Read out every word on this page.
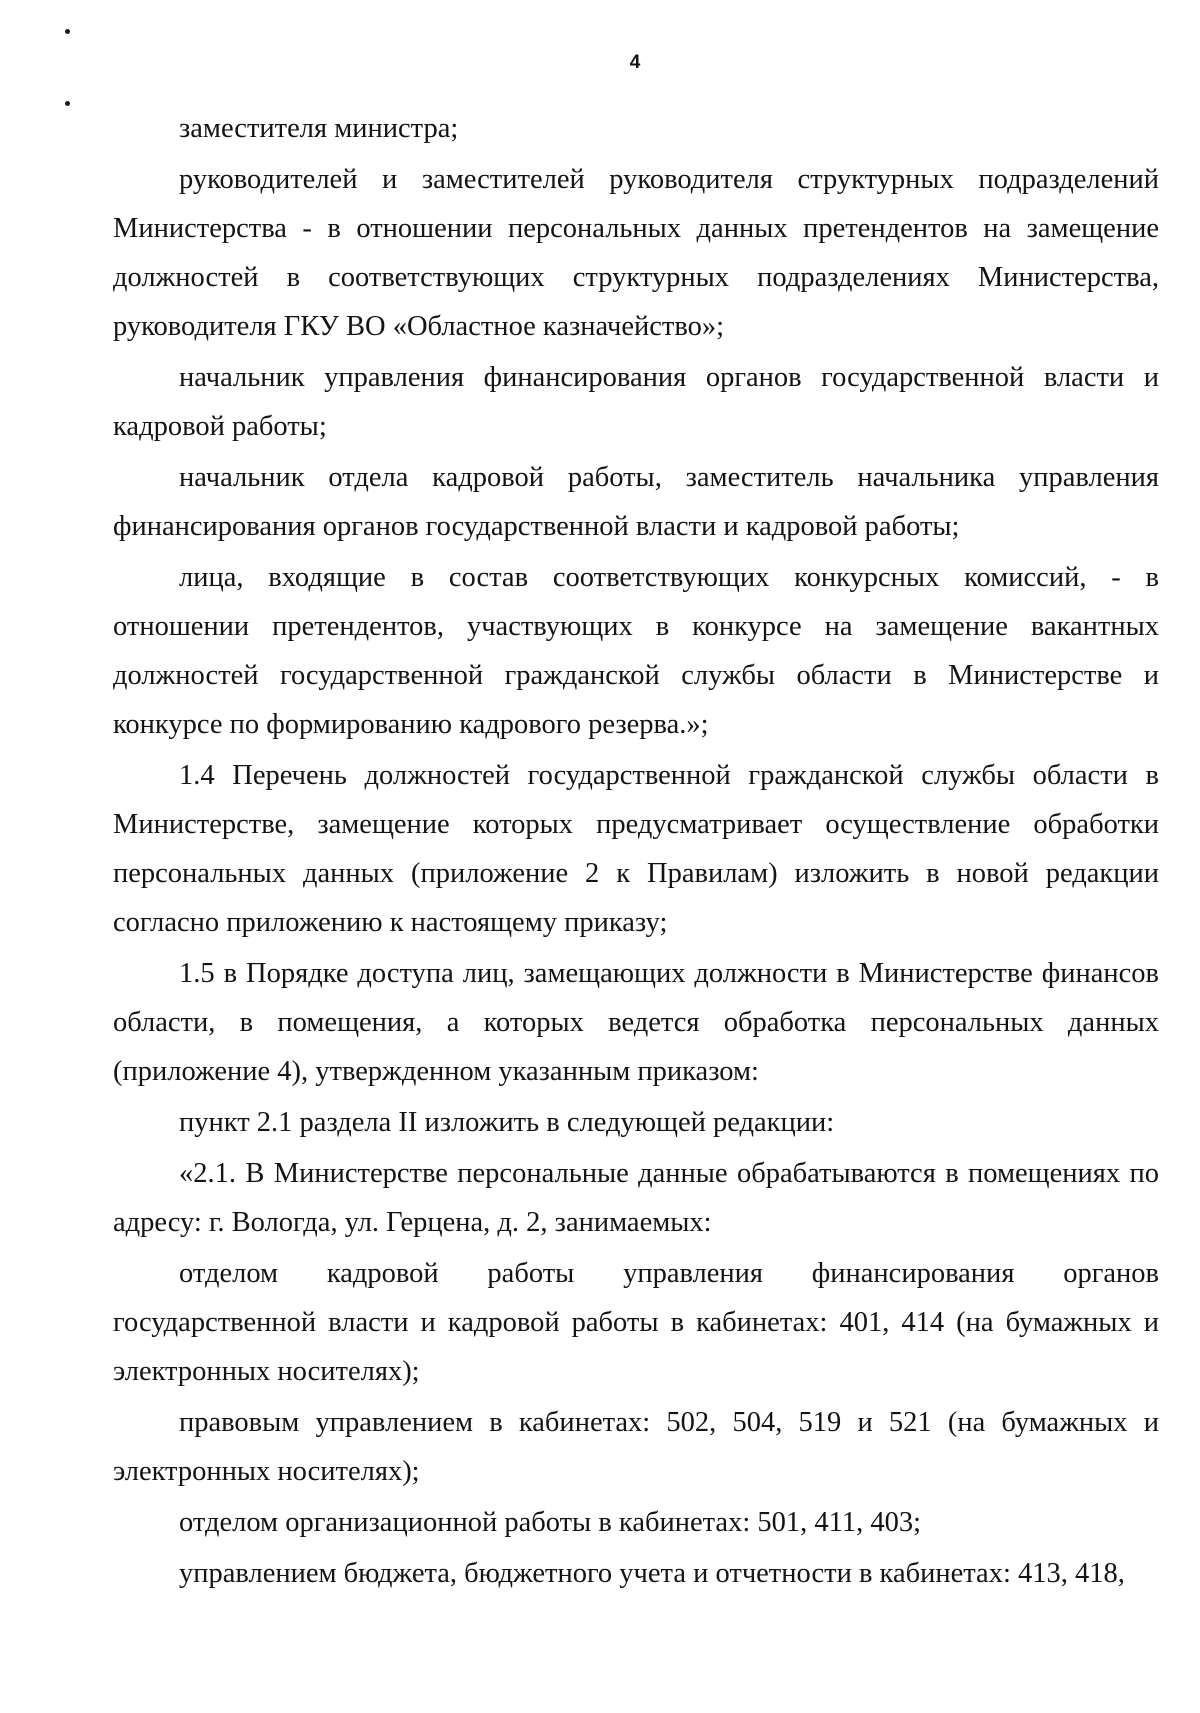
4

заместителя министра;

руководителей и заместителей руководителя структурных подразделений Министерства - в отношении персональных данных претендентов на замещение должностей в соответствующих структурных подразделениях Министерства, руководителя ГКУ ВО «Областное казначейство»;

начальник управления финансирования органов государственной власти и кадровой работы;

начальник отдела кадровой работы, заместитель начальника управления финансирования органов государственной власти и кадровой работы;

лица, входящие в состав соответствующих конкурсных комиссий, - в отношении претендентов, участвующих в конкурсе на замещение вакантных должностей государственной гражданской службы области в Министерстве и конкурсе по формированию кадрового резерва.»;

1.4 Перечень должностей государственной гражданской службы области в Министерстве, замещение которых предусматривает осуществление обработки персональных данных (приложение 2 к Правилам) изложить в новой редакции согласно приложению к настоящему приказу;

1.5 в Порядке доступа лиц, замещающих должности в Министерстве финансов области, в помещения, а которых ведется обработка персональных данных (приложение 4), утвержденном указанным приказом:

пункт 2.1 раздела II изложить в следующей редакции:

«2.1. В Министерстве персональные данные обрабатываются в помещениях по адресу: г. Вологда, ул. Герцена, д. 2, занимаемых:

отделом кадровой работы управления финансирования органов государственной власти и кадровой работы в кабинетах: 401, 414 (на бумажных и электронных носителях);

правовым управлением в кабинетах: 502, 504, 519 и 521 (на бумажных и электронных носителях);

отделом организационной работы в кабинетах: 501, 411, 403;

управлением бюджета, бюджетного учета и отчетности в кабинетах: 413, 418,
